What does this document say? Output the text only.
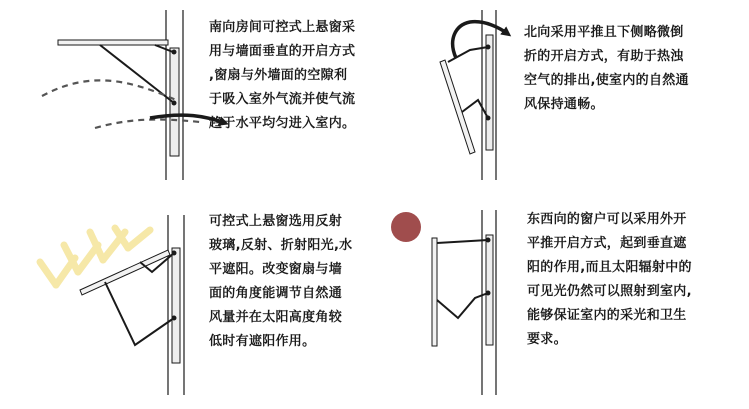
南向房间可控式上悬窗采
用与墙面垂直的开启方式
,窗扇与外墙面的空隙利
于吸入室外气流并使气流
趋于水平均匀进入室内。
北向采用平推且下侧略微倒
折的开启方式，有助于热浊
空气的排出,使室内的自然通
风保持通畅。
可控式上悬窗选用反射
玻璃,反射、折射阳光,水
平遮阳。改变窗扇与墙
面的角度能调节自然通
风量并在太阳高度角较
低时有遮阳作用。
东西向的窗户可以采用外开
平推开启方式，起到垂直遮
阳的作用,而且太阳辐射中的
可见光仍然可以照射到室内,
能够保证室内的采光和卫生
要求。
